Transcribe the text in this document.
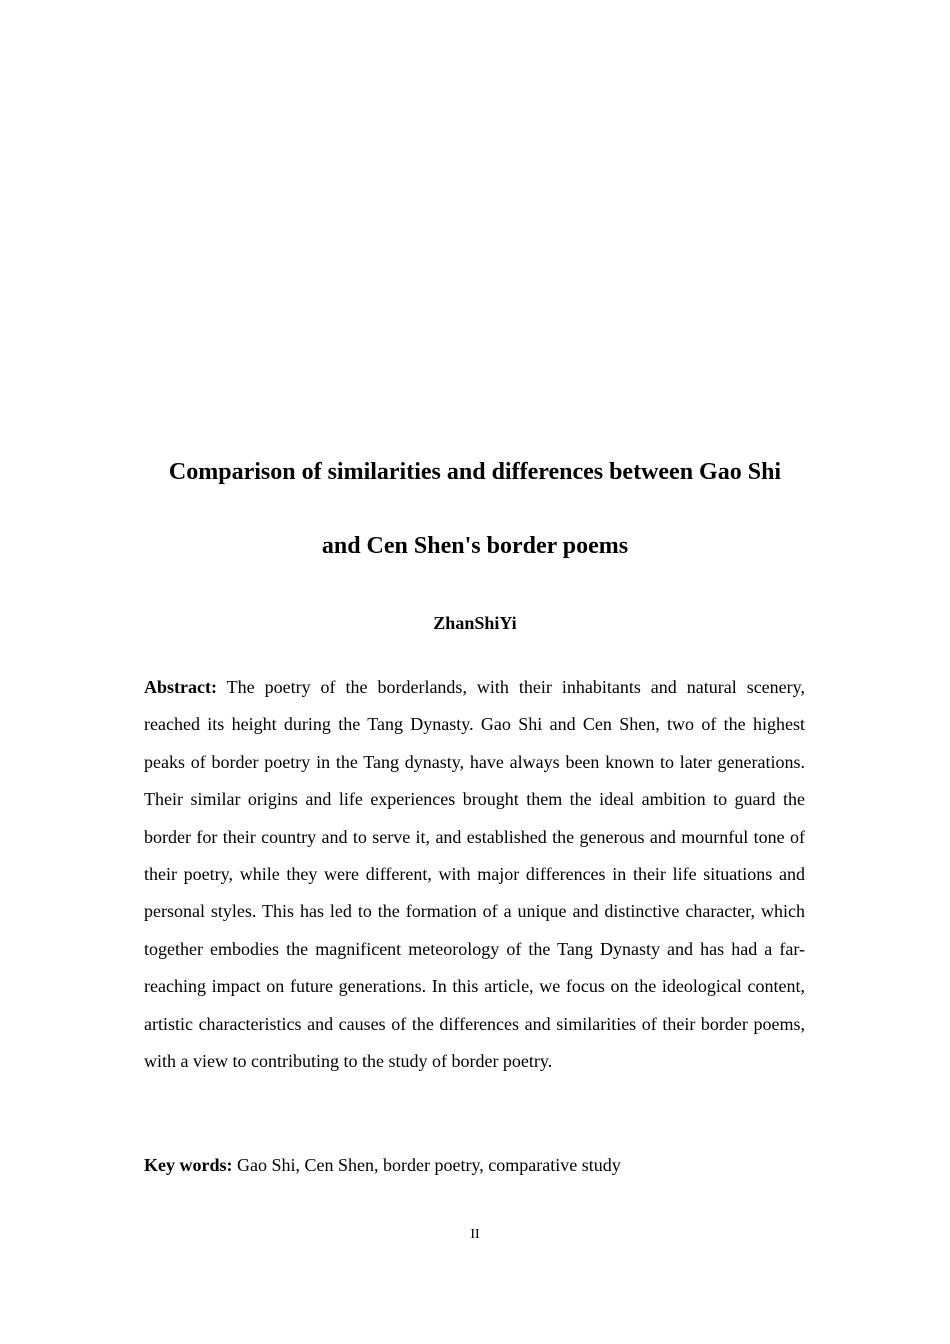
Comparison of similarities and differences between Gao Shi

and Cen Shen's border poems

ZhanShiYi

Abstract: The poetry of the borderlands, with their inhabitants and natural scenery, reached its height during the Tang Dynasty. Gao Shi and Cen Shen, two of the highest peaks of border poetry in the Tang dynasty, have always been known to later generations. Their similar origins and life experiences brought them the ideal ambition to guard the border for their country and to serve it, and established the generous and mournful tone of their poetry, while they were different, with major differences in their life situations and personal styles. This has led to the formation of a unique and distinctive character, which together embodies the magnificent meteorology of the Tang Dynasty and has had a far-reaching impact on future generations. In this article, we focus on the ideological content, artistic characteristics and causes of the differences and similarities of their border poems, with a view to contributing to the study of border poetry.

Key words: Gao Shi, Cen Shen, border poetry, comparative study

II
